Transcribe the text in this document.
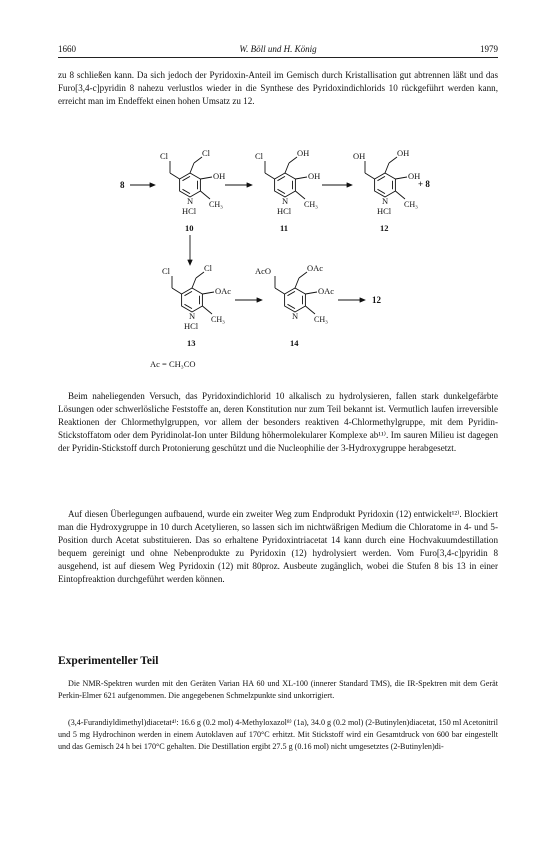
1660	W. Böll und H. König	1979

zu 8 schließen kann. Da sich jedoch der Pyridoxin-Anteil im Gemisch durch Kristallisation gut abtrennen läßt und das Furo[3,4-c]pyridin 8 nahezu verlustlos wieder in die Synthese des Pyridoxindichlorids 10 rückgeführt werden kann, erreicht man im Endeffekt einen hohen Umsatz zu 12.

8
Cl	Cl
OH
N CH₃
HCl
10
Cl	OH
OH
N CH₃
HCl
11
OH	OH
OH
N CH₃
HCl
12
+ 8
Cl	Cl
OAc
N CH₃
HCl
13
AcO	OAc
OAc
N CH₃
14
12
Ac = CH₃CO

Beim naheliegenden Versuch, das Pyridoxindichlorid 10 alkalisch zu hydrolysieren, fallen stark dunkelgefärbte Lösungen oder schwerlösliche Feststoffe an, deren Konstitution nur zum Teil bekannt ist. Vermutlich laufen irreversible Reaktionen der Chlormethylgruppen, vor allem der besonders reaktiven 4-Chlormethylgruppe, mit dem Pyridin-Stickstoffatom oder dem Pyridinolat-Ion unter Bildung höhermolekularer Komplexe ab¹¹⁾. Im sauren Milieu ist dagegen der Pyridin-Stickstoff durch Protonierung geschützt und die Nucleophilie der 3-Hydroxygruppe herabgesetzt.

Auf diesen Überlegungen aufbauend, wurde ein zweiter Weg zum Endprodukt Pyridoxin (12) entwickelt¹²⁾. Blockiert man die Hydroxygruppe in 10 durch Acetylieren, so lassen sich im nichtwäßrigen Medium die Chloratome in 4- und 5-Position durch Acetat substituieren. Das so erhaltene Pyridoxintriacetat 14 kann durch eine Hochvakuumdestillation bequem gereinigt und ohne Nebenprodukte zu Pyridoxin (12) hydrolysiert werden. Vom Furo[3,4-c]pyridin 8 ausgehend, ist auf diesem Weg Pyridoxin (12) mit 80proz. Ausbeute zugänglich, wobei die Stufen 8 bis 13 in einer Eintopfreaktion durchgeführt werden können.

Experimenteller Teil

Die NMR-Spektren wurden mit den Geräten Varian HA 60 und XL-100 (innerer Standard TMS), die IR-Spektren mit dem Gerät Perkin-Elmer 621 aufgenommen. Die angegebenen Schmelzpunkte sind unkorrigiert.

(3,4-Furandiyldimethyl)diacetat⁴⁾: 16.6 g (0.2 mol) 4-Methyloxazol⁸⁾ (1a), 34.0 g (0.2 mol) (2-Butinylen)diacetat, 150 ml Acetonitril und 5 mg Hydrochinon werden in einem Autoklaven auf 170°C erhitzt. Mit Stickstoff wird ein Gesamtdruck von 600 bar eingestellt und das Gemisch 24 h bei 170°C gehalten. Die Destillation ergibt 27.5 g (0.16 mol) nicht umgesetztes (2-Butinylen)di-
